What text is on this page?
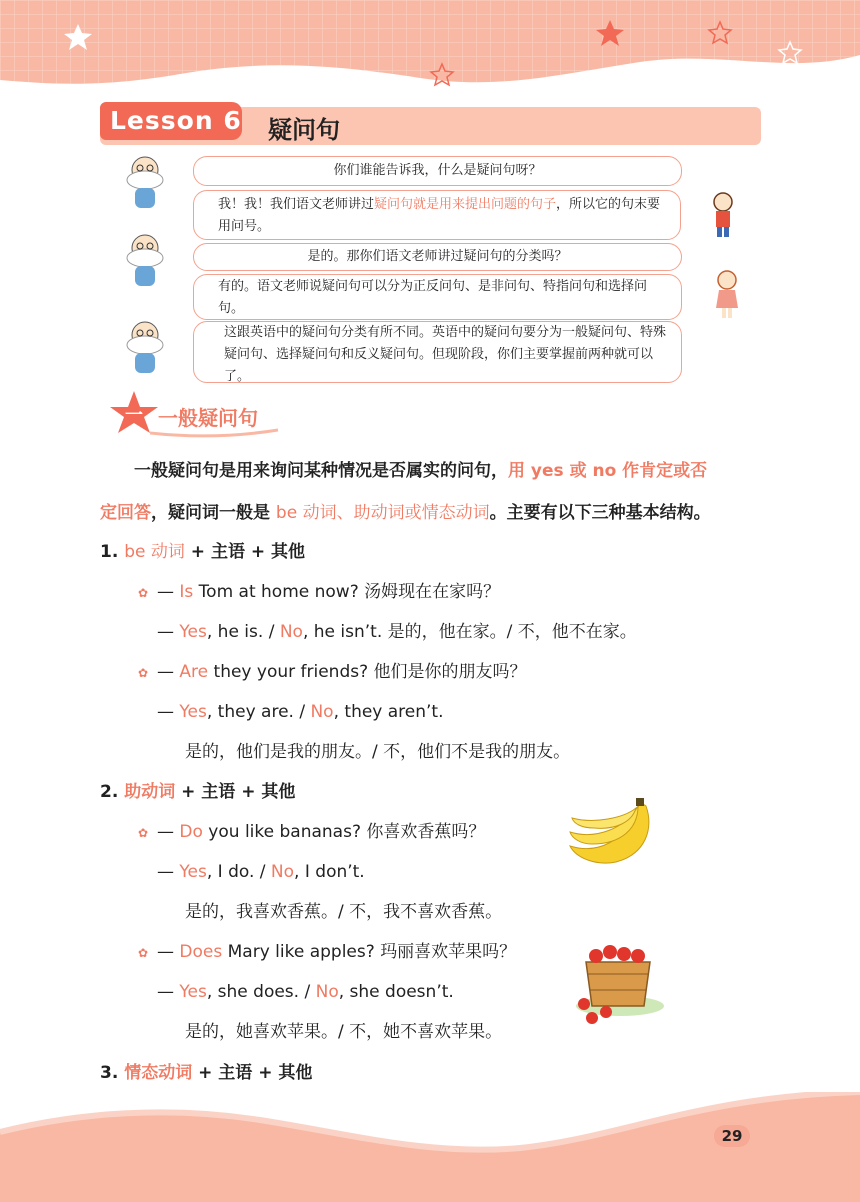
Lesson 6 疑问句
你们谁能告诉我，什么是疑问句呀？
我！我！我们语文老师讲过疑问句就是用来提出问题的句子，所以它的句末要用问号。
是的。那你们语文老师讲过疑问句的分类吗？
有的。语文老师说疑问句可以分为正反问句、是非问句、特指问句和选择问句。
这跟英语中的疑问句分类有所不同。英语中的疑问句要分为一般疑问句、特殊疑问句、选择疑问句和反义疑问句。但现阶段，你们主要掌握前两种就可以了。
一 一般疑问句
一般疑问句是用来询问某种情况是否属实的问句，用 yes 或 no 作肯定或否
定回答，疑问词一般是 be 动词、助动词或情态动词。主要有以下三种基本结构。
1. be 动词 + 主语 + 其他
✿ — Is Tom at home now? 汤姆现在在家吗？
— Yes, he is. / No, he isn’t. 是的，他在家。/ 不，他不在家。
✿ — Are they your friends? 他们是你的朋友吗？
— Yes, they are. / No, they aren’t.
是的，他们是我的朋友。/ 不，他们不是我的朋友。
2. 助动词 + 主语 + 其他
✿ — Do you like bananas? 你喜欢香蕉吗？
— Yes, I do. / No, I don’t.
是的，我喜欢香蕉。/ 不，我不喜欢香蕉。
✿ — Does Mary like apples? 玛丽喜欢苹果吗？
— Yes, she does. / No, she doesn’t.
是的，她喜欢苹果。/ 不，她不喜欢苹果。
3. 情态动词 + 主语 + 其他
29
